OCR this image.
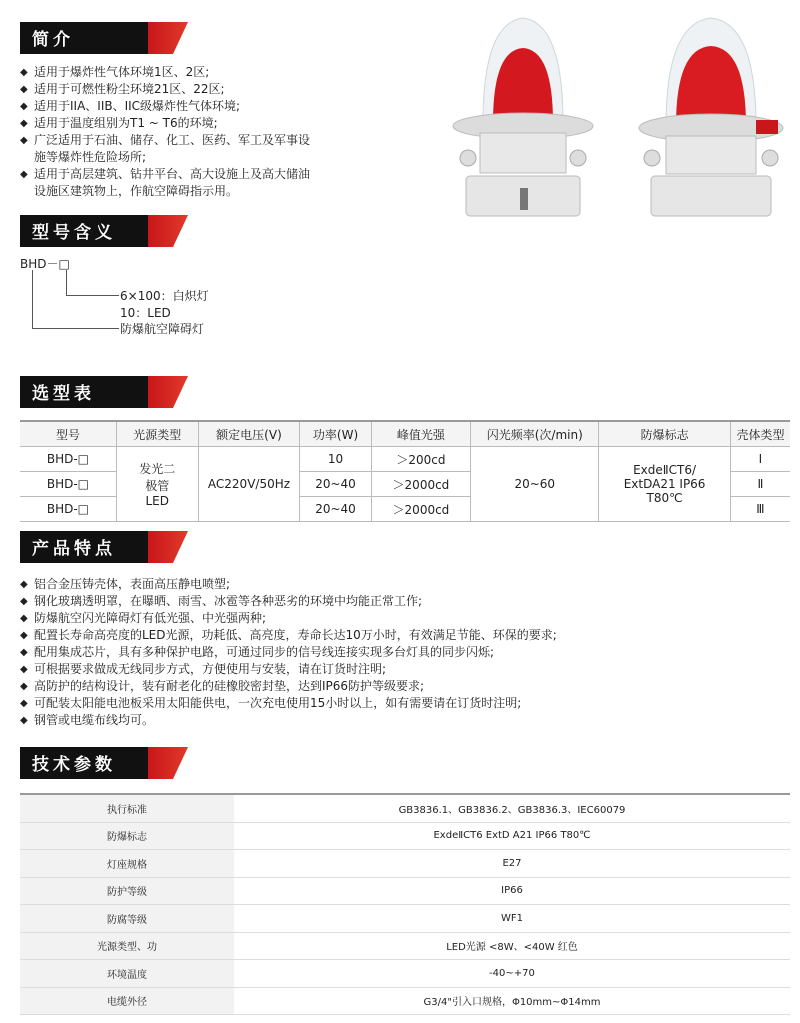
简介
◆ 适用于爆炸性气体环境1区、2区;
◆ 适用于可燃性粉尘环境21区、22区;
◆ 适用于IIA、IIB、IIC级爆炸性气体环境;
◆ 适用于温度组别为T1 ~ T6的环境;
◆ 广泛适用于石油、储存、化工、医药、军工及军事设施等爆炸性危险场所;
◆ 适用于高层建筑、钻井平台、高大设施上及高大储油设施区建筑物上，作航空障碍指示用。
型号含义
BHD－□
6×100：白炽灯
10：LED
防爆航空障碍灯
选型表
型号	光源类型	额定电压(V)	功率(W)	峰值光强	闪光频率(次/min)	防爆标志	壳体类型
BHD-□	发光二极管LED	AC220V/50Hz	10	＞200cd	20~60	ExdeⅡCT6/ ExtDA21 IP66 T80℃	Ⅰ
BHD-□			20~40	＞2000cd			Ⅱ
BHD-□			20~40	＞2000cd			Ⅲ
产品特点
◆ 铝合金压铸壳体，表面高压静电喷塑;
◆ 钢化玻璃透明罩，在曝晒、雨雪、冰雹等各种恶劣的环境中均能正常工作;
◆ 防爆航空闪光障碍灯有低光强、中光强两种;
◆ 配置长寿命高亮度的LED光源，功耗低、高亮度，寿命长达10万小时，有效满足节能、环保的要求;
◆ 配用集成芯片，具有多种保护电路，可通过同步的信号线连接实现多台灯具的同步闪烁;
◆ 可根据要求做成无线同步方式，方便使用与安装，请在订货时注明;
◆ 高防护的结构设计，装有耐老化的硅橡胶密封垫，达到IP66防护等级要求;
◆ 可配装太阳能电池板采用太阳能供电，一次充电使用15小时以上，如有需要请在订货时注明;
◆ 钢管或电缆布线均可。
技术参数
执行标准	GB3836.1、GB3836.2、GB3836.3、IEC60079
防爆标志	ExdeⅡCT6 ExtD A21 IP66 T80℃
灯座规格	E27
防护等级	IP66
防腐等级	WF1
光源类型、功	LED光源 <8W、<40W 红色
环境温度	-40~+70
电缆外径	G3/4"引入口规格，Φ10mm~Φ14mm
